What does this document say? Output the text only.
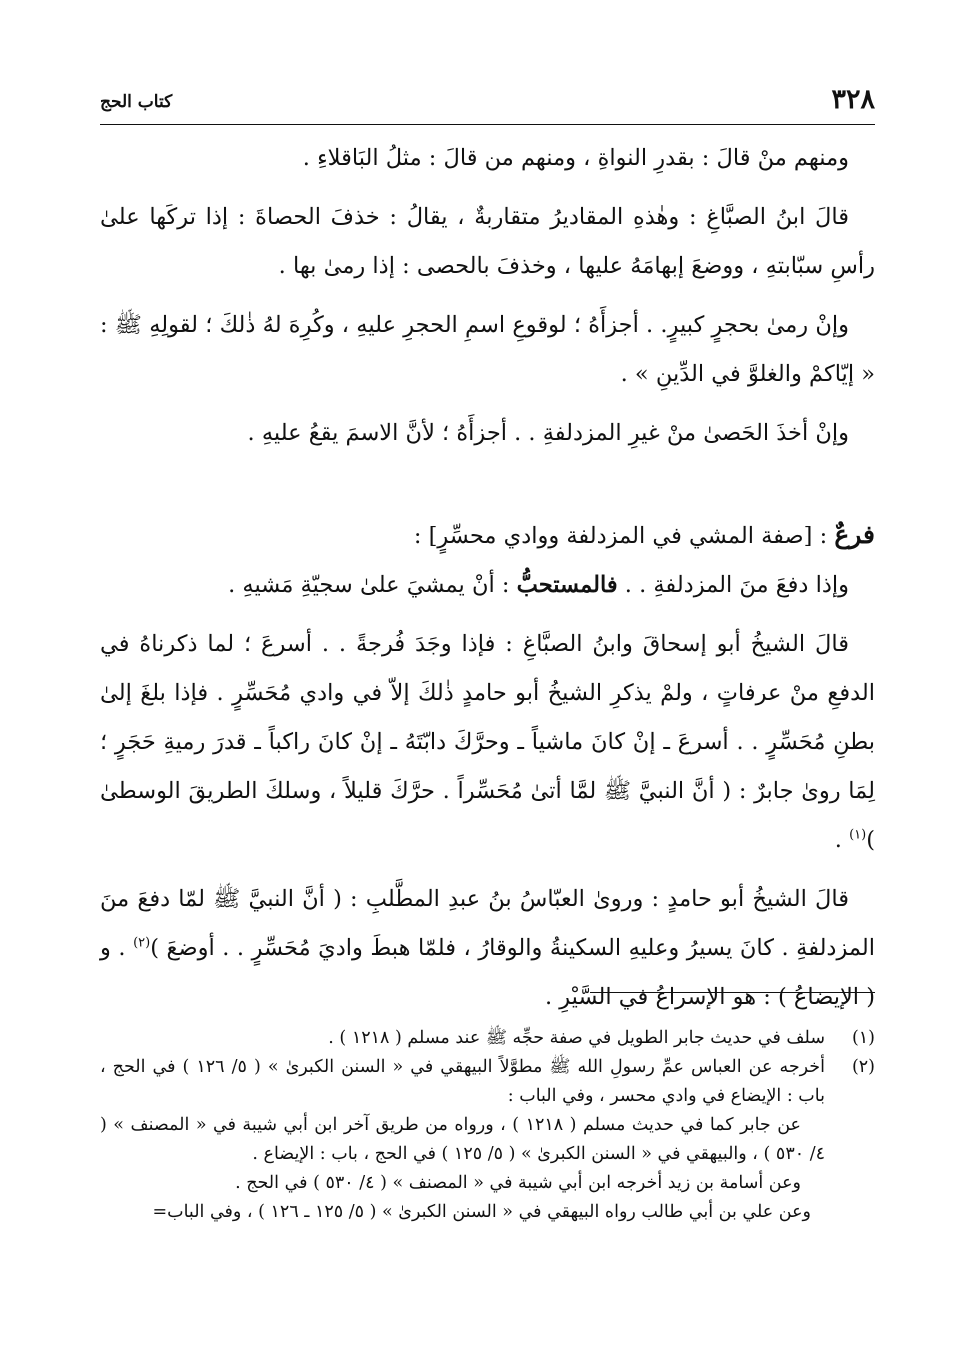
٣٢٨
كتاب الحج

ومنهم منْ قالَ : بقدرِ النواةِ ، ومنهم من قالَ : مثلُ البَاقلاءِ .

قالَ ابنُ الصبَّاغِ : وهٰذهِ المقاديرُ متقاربةٌ ، يقالُ : خذفَ الحصاةَ : إذا تركَها علىٰ رأسِ سبّابتهِ ، ووضعَ إبهامَهُ عليها ، وخذفَ بالحصى : إذا رمىٰ بها .

وإنْ رمىٰ بحجرٍ كبيرٍ. . أجزأَهُ ؛ لوقوعِ اسمِ الحجرِ عليهِ ، وكُرِهَ لهُ ذٰلكَ ؛ لقولِهِ ﷺ : « إيّاكمْ والغلوَّ في الدِّينِ » .

وإنْ أخذَ الحَصىٰ منْ غيرِ المزدلفةِ . . أجزأَهُ ؛ لأنَّ الاسمَ يقعُ عليهِ .

فرعٌ : [صفة المشي في المزدلفة ووادي محسِّرٍ] :

وإذا دفعَ منَ المزدلفةِ . . فالمستحبُّ : أنْ يمشيَ علىٰ سجيّةِ مَشيهِ .

قالَ الشيخُ أبو إسحاقَ وابنُ الصبَّاغِ : فإذا وجَدَ فُرجةً . . أسرعَ ؛ لما ذكرناهُ في الدفعِ منْ عرفاتٍ ، ولمْ يذكرِ الشيخُ أبو حامدٍ ذٰلكَ إلاّ في وادي مُحَسِّرٍ . فإذا بلغَ إلىٰ بطنِ مُحَسِّرٍ . . أسرعَ ـ إنْ كانَ ماشياً ـ وحرَّكَ دابّتَهُ ـ إنْ كانَ راكباً ـ قدرَ رميةِ حَجَرٍ ؛ لِمَا روىٰ جابرٌ : ( أنَّ النبيَّ ﷺ لمَّا أتىٰ مُحَسِّراً . حرَّكَ قليلاً ، وسلكَ الطريقَ الوسطىٰ )$^{(١)}$ .

قالَ الشيخُ أبو حامدٍ : وروىٰ العبّاسُ بنُ عبدِ المطَّلبِ : ( أنَّ النبيَّ ﷺ لمّا دفعَ منَ المزدلفةِ . كانَ يسيرُ وعليهِ السكينةُ والوقارُ ، فلمّا هبطَ واديَ مُحَسِّرٍ . . أوضعَ )$^{(٢)}$ . و ( الإيضاعُ ) : هو الإسراعُ في السَّيْرِ .

(١)
سلف في حديث جابر الطويل في صفة حجِّه ﷺ عند مسلم ( ١٢١٨ ) .
(٢)
أخرجه عن العباس عمِّ رسولِ الله ﷺ مطوَّلاً البيهقي في « السنن الكبرىٰ » ( ٥/ ١٢٦ ) في الحج ، باب : الإيضاع في وادي محسر ، وفي الباب :
عن جابر كما في حديث مسلم ( ١٢١٨ ) ، ورواه من طريق آخر ابن أبي شيبة في « المصنف » ( ٤/ ٥٣٠ ) ، والبيهقي في « السنن الكبرىٰ » ( ٥/ ١٢٥ ) في الحج ، باب : الإيضاع .
وعن أسامة بن زيد أخرجه ابن أبي شيبة في « المصنف » ( ٤/ ٥٣٠ ) في الحج .
وعن علي بن أبي طالب رواه البيهقي في « السنن الكبرىٰ » ( ٥/ ١٢٥ ـ ١٢٦ ) ، وفي الباب=
